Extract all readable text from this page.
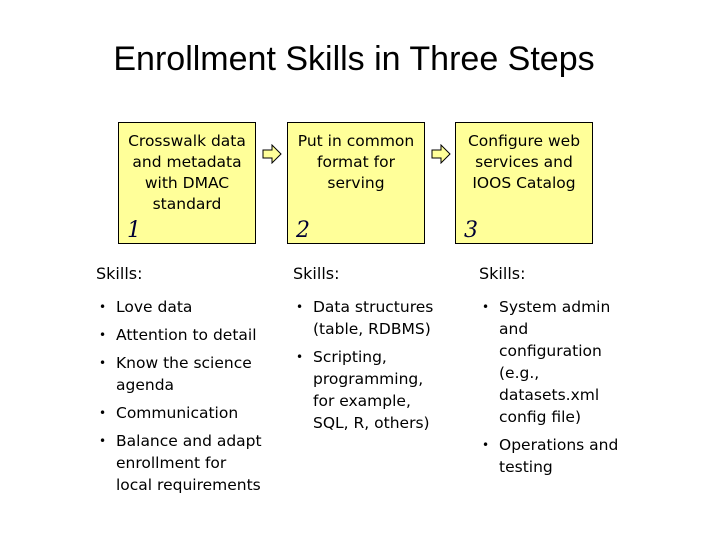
Enrollment Skills in Three Steps
Crosswalk data
and metadata
with DMAC
standard
1
Put in common
format for
serving
2
Configure web
services and
IOOS Catalog
3
Skills:
• Love data
• Attention to detail
• Know the science
agenda
• Communication
• Balance and adapt
enrollment for
local requirements
Skills:
• Data structures
(table, RDBMS)
• Scripting,
programming,
for example,
SQL, R, others)
Skills:
• System admin
and
configuration
(e.g.,
datasets.xml
config file)
• Operations and
testing
